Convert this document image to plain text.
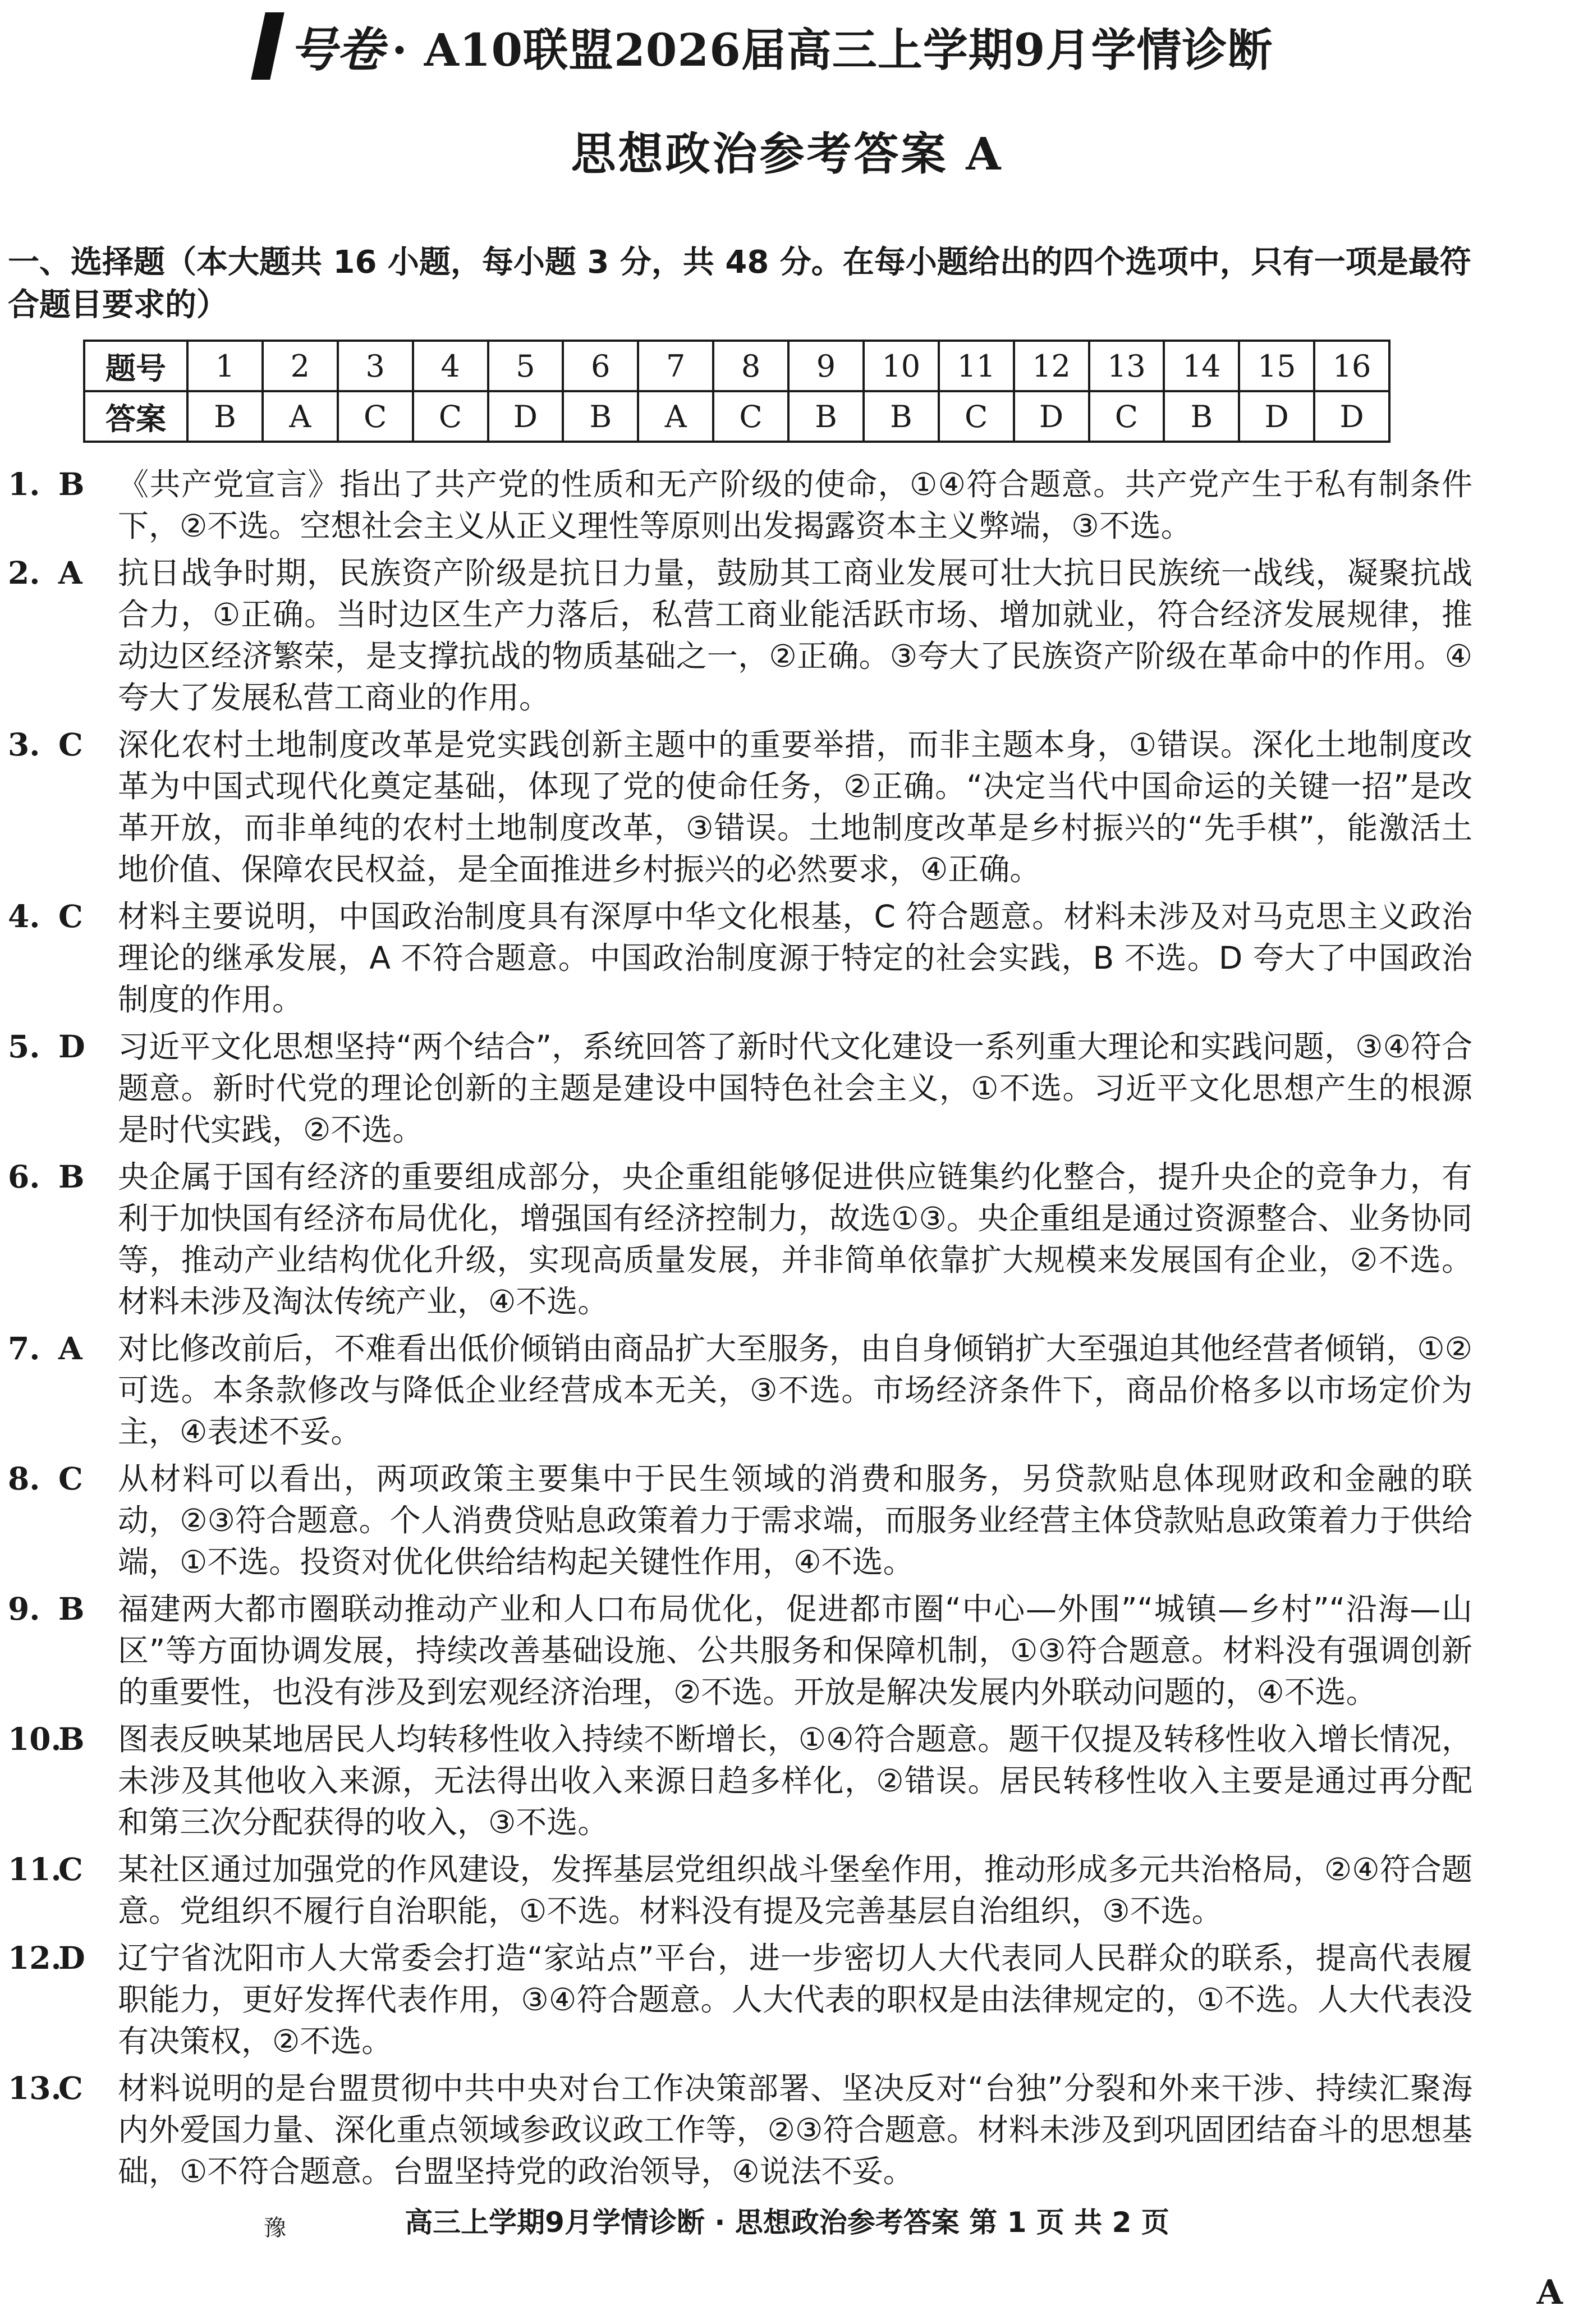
号卷 · A10联盟2026届高三上学期9月学情诊断
思想政治参考答案 A
一、选择题（本大题共 16 小题，每小题 3 分，共 48 分。在每小题给出的四个选项中，只有一项是最符合题目要求的）
题号	1	2	3	4	5	6	7	8	9	10	11	12	13	14	15	16
答案	B	A	C	C	D	B	A	C	B	B	C	D	C	B	D	D
1. B 《共产党宣言》指出了共产党的性质和无产阶级的使命，①④符合题意。共产党产生于私有制条件下，②不选。空想社会主义从正义理性等原则出发揭露资本主义弊端，③不选。
2. A 抗日战争时期，民族资产阶级是抗日力量，鼓励其工商业发展可壮大抗日民族统一战线，凝聚抗战合力，①正确。当时边区生产力落后，私营工商业能活跃市场、增加就业，符合经济发展规律，推动边区经济繁荣，是支撑抗战的物质基础之一，②正确。③夸大了民族资产阶级在革命中的作用。④夸大了发展私营工商业的作用。
3. C 深化农村土地制度改革是党实践创新主题中的重要举措，而非主题本身，①错误。深化土地制度改革为中国式现代化奠定基础，体现了党的使命任务，②正确。“决定当代中国命运的关键一招”是改革开放，而非单纯的农村土地制度改革，③错误。土地制度改革是乡村振兴的“先手棋”，能激活土地价值、保障农民权益，是全面推进乡村振兴的必然要求，④正确。
4. C 材料主要说明，中国政治制度具有深厚中华文化根基，C 符合题意。材料未涉及对马克思主义政治理论的继承发展，A 不符合题意。中国政治制度源于特定的社会实践，B 不选。D 夸大了中国政治制度的作用。
5. D 习近平文化思想坚持“两个结合”，系统回答了新时代文化建设一系列重大理论和实践问题，③④符合题意。新时代党的理论创新的主题是建设中国特色社会主义，①不选。习近平文化思想产生的根源是时代实践，②不选。
6. B 央企属于国有经济的重要组成部分，央企重组能够促进供应链集约化整合，提升央企的竞争力，有利于加快国有经济布局优化，增强国有经济控制力，故选①③。央企重组是通过资源整合、业务协同等，推动产业结构优化升级，实现高质量发展，并非简单依靠扩大规模来发展国有企业，②不选。材料未涉及淘汰传统产业，④不选。
7. A 对比修改前后，不难看出低价倾销由商品扩大至服务，由自身倾销扩大至强迫其他经营者倾销，①②可选。本条款修改与降低企业经营成本无关，③不选。市场经济条件下，商品价格多以市场定价为主，④表述不妥。
8. C 从材料可以看出，两项政策主要集中于民生领域的消费和服务，另贷款贴息体现财政和金融的联动，②③符合题意。个人消费贷贴息政策着力于需求端，而服务业经营主体贷款贴息政策着力于供给端，①不选。投资对优化供给结构起关键性作用，④不选。
9. B 福建两大都市圈联动推动产业和人口布局优化，促进都市圈“中心—外围”“城镇—乡村”“沿海—山区”等方面协调发展，持续改善基础设施、公共服务和保障机制，①③符合题意。材料没有强调创新的重要性，也没有涉及到宏观经济治理，②不选。开放是解决发展内外联动问题的，④不选。
10.
B 图表反映某地居民人均转移性收入持续不断增长，①④符合题意。题干仅提及转移性收入增长情况，未涉及其他收入来源，无法得出收入来源日趋多样化，②错误。居民转移性收入主要是通过再分配和第三次分配获得的收入，③不选。
11.
C 某社区通过加强党的作风建设，发挥基层党组织战斗堡垒作用，推动形成多元共治格局，②④符合题意。党组织不履行自治职能，①不选。材料没有提及完善基层自治组织，③不选。
12.
D 辽宁省沈阳市人大常委会打造“家站点”平台，进一步密切人大代表同人民群众的联系，提高代表履职能力，更好发挥代表作用，③④符合题意。人大代表的职权是由法律规定的，①不选。人大代表没有决策权，②不选。
13.
C 材料说明的是台盟贯彻中共中央对台工作决策部署、坚决反对“台独”分裂和外来干涉、持续汇聚海内外爱国力量、深化重点领域参政议政工作等，②③符合题意。材料未涉及到巩固团结奋斗的思想基础，①不符合题意。台盟坚持党的政治领导，④说法不妥。
豫	高三上学期9月学情诊断 · 思想政治参考答案 第 1 页 共 2 页
A
